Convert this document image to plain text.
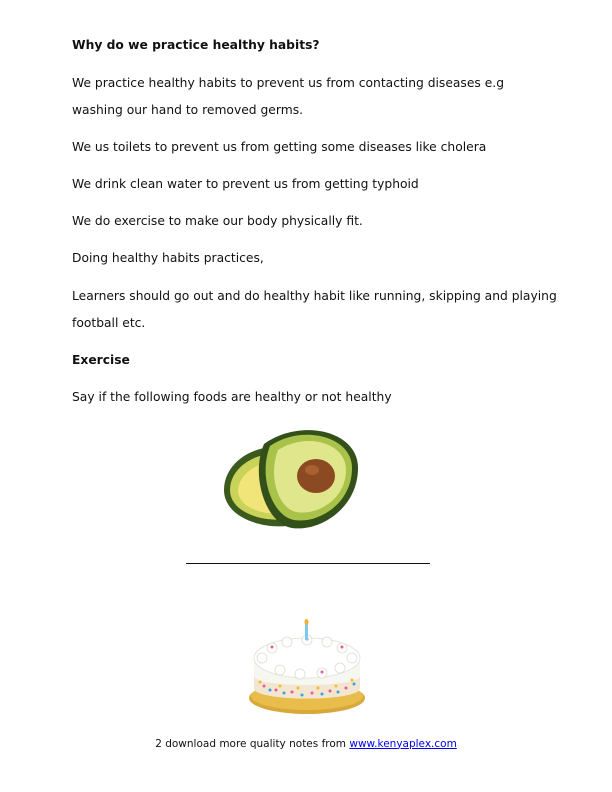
Why do we practice healthy habits?

We practice healthy habits to prevent us from contacting diseases e.g

washing our hand to removed germs.

We us toilets to prevent us from getting some diseases like cholera

We drink clean water to prevent us from getting typhoid

We do exercise to make our body physically fit.

Doing healthy habits practices,

Learners should go out and do healthy habit like running, skipping and playing

football etc.

Exercise

Say if the following foods are healthy or not healthy

2 download more quality notes from www.kenyaplex.com
